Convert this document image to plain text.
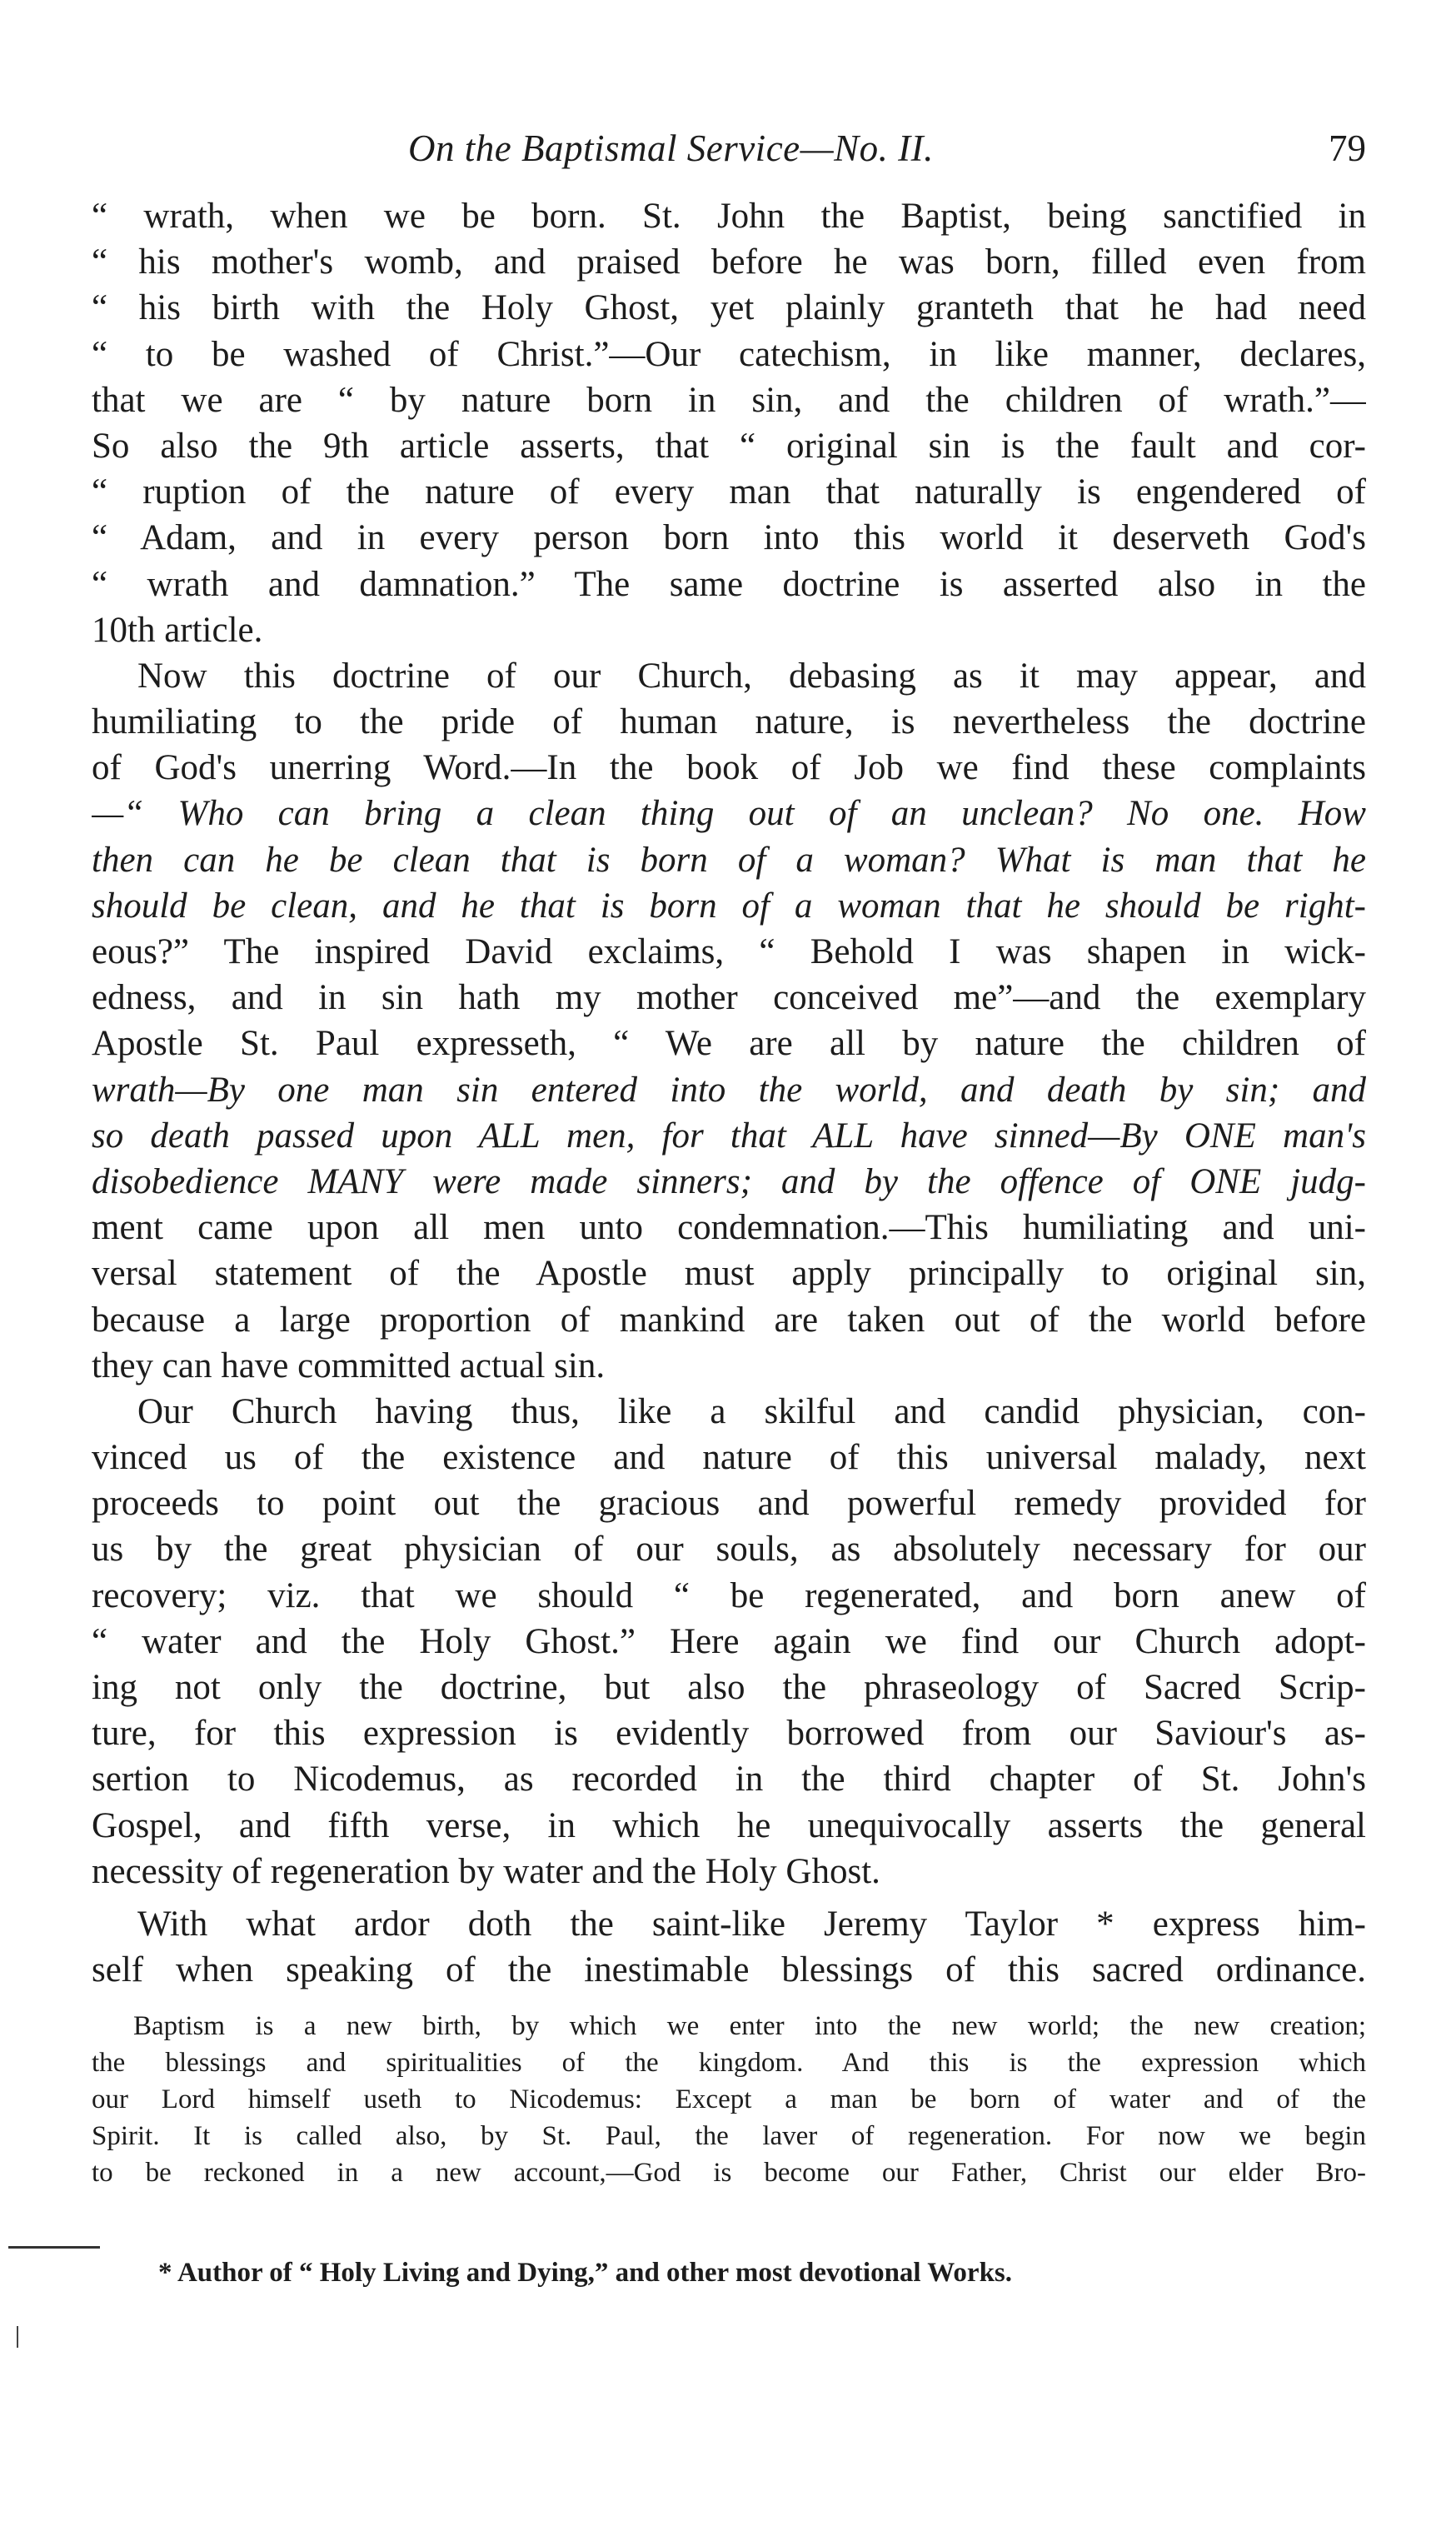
On the Baptismal Service—No. II.	79
“ wrath, when we be born. St. John the Baptist, being sanctified in
“ his mother's womb, and praised before he was born, filled even from
“ his birth with the Holy Ghost, yet plainly granteth that he had need
“ to be washed of Christ.”—Our catechism, in like manner, declares,
that we are “ by nature born in sin, and the children of wrath.”—
So also the 9th article asserts, that “ original sin is the fault and cor-
“ ruption of the nature of every man that naturally is engendered of
“ Adam, and in every person born into this world it deserveth God's
“ wrath and damnation.” The same doctrine is asserted also in the
10th article.
Now this doctrine of our Church, debasing as it may appear, and
humiliating to the pride of human nature, is nevertheless the doctrine
of God's unerring Word.—In the book of Job we find these complaints
—“ Who can bring a clean thing out of an unclean? No one. How
then can he be clean that is born of a woman? What is man that he
should be clean, and he that is born of a woman that he should be right-
eous?” The inspired David exclaims, “ Behold I was shapen in wick-
edness, and in sin hath my mother conceived me”—and the exemplary
Apostle St. Paul expresseth, “ We are all by nature the children of
wrath—By one man sin entered into the world, and death by sin; and
so death passed upon ALL men, for that ALL have sinned—By ONE man's
disobedience MANY were made sinners; and by the offence of ONE judg-
ment came upon all men unto condemnation.—This humiliating and uni-
versal statement of the Apostle must apply principally to original sin,
because a large proportion of mankind are taken out of the world before
they can have committed actual sin.
Our Church having thus, like a skilful and candid physician, con-
vinced us of the existence and nature of this universal malady, next
proceeds to point out the gracious and powerful remedy provided for
us by the great physician of our souls, as absolutely necessary for our
recovery; viz. that we should “ be regenerated, and born anew of
“ water and the Holy Ghost.” Here again we find our Church adopt-
ing not only the doctrine, but also the phraseology of Sacred Scrip-
ture, for this expression is evidently borrowed from our Saviour's as-
sertion to Nicodemus, as recorded in the third chapter of St. John's
Gospel, and fifth verse, in which he unequivocally asserts the general
necessity of regeneration by water and the Holy Ghost.
With what ardor doth the saint-like Jeremy Taylor * express him-
self when speaking of the inestimable blessings of this sacred ordinance.
Baptism is a new birth, by which we enter into the new world; the new creation;
the blessings and spiritualities of the kingdom. And this is the expression which
our Lord himself useth to Nicodemus: Except a man be born of water and of the
Spirit. It is called also, by St. Paul, the laver of regeneration. For now we begin
to be reckoned in a new account,—God is become our Father, Christ our elder Bro-
* Author of “ Holy Living and Dying,” and other most devotional Works.
